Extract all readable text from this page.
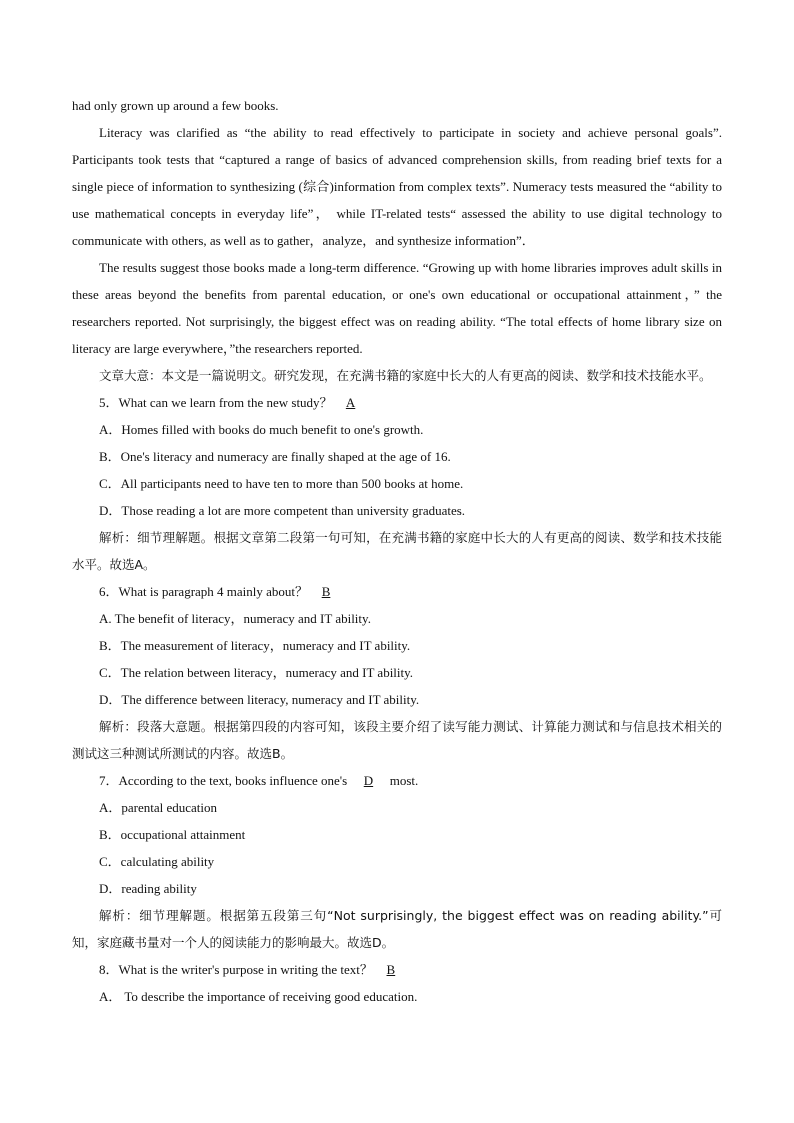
had only grown up around a few books.

Literacy was clarified as “the ability to read effectively to participate in society and achieve personal goals”. Participants took tests that “captured a range of basics of advanced comprehension skills, from reading brief texts for a single piece of information to synthesizing (综合)information from complex texts”. Numeracy tests measured the “ability to use mathematical concepts in everyday life”， while IT-related tests“ assessed the ability to use digital technology to communicate with others, as well as to gather，analyze，and synthesize information”．

The results suggest those books made a long-term difference. “Growing up with home libraries improves adult skills in these areas beyond the benefits from parental education, or one's own educational or occupational attainment，” the researchers reported. Not surprisingly, the biggest effect was on reading ability. “The total effects of home library size on literacy are large everywhere，”the researchers reported.

文章大意：本文是一篇说明文。研究发现，在充满书籍的家庭中长大的人有更高的阅读、数学和技术技能水平。

5．What can we learn from the new study？ A

A．Homes filled with books do much benefit to one's growth.

B．One's literacy and numeracy are finally shaped at the age of 16.

C．All participants need to have ten to more than 500 books at home.

D．Those reading a lot are more competent than university graduates.

解析：细节理解题。根据文章第二段第一句可知，在充满书籍的家庭中长大的人有更高的阅读、数学和技术技能水平。故选A。

6．What is paragraph 4 mainly about？ B

A. The benefit of literacy，numeracy and IT ability.

B．The measurement of literacy，numeracy and IT ability.

C．The relation between literacy，numeracy and IT ability.

D．The difference between literacy, numeracy and IT ability.

解析：段落大意题。根据第四段的内容可知，该段主要介绍了读写能力测试、计算能力测试和与信息技术相关的测试这三种测试所测试的内容。故选B。

7．According to the text, books influence one's D most.

A．parental education

B．occupational attainment

C．calculating ability

D．reading ability

解析：细节理解题。根据第五段第三句“Not surprisingly, the biggest effect was on reading ability.”可知，家庭藏书量对一个人的阅读能力的影响最大。故选D。

8．What is the writer's purpose in writing the text？ B

A． To describe the importance of receiving good education.
